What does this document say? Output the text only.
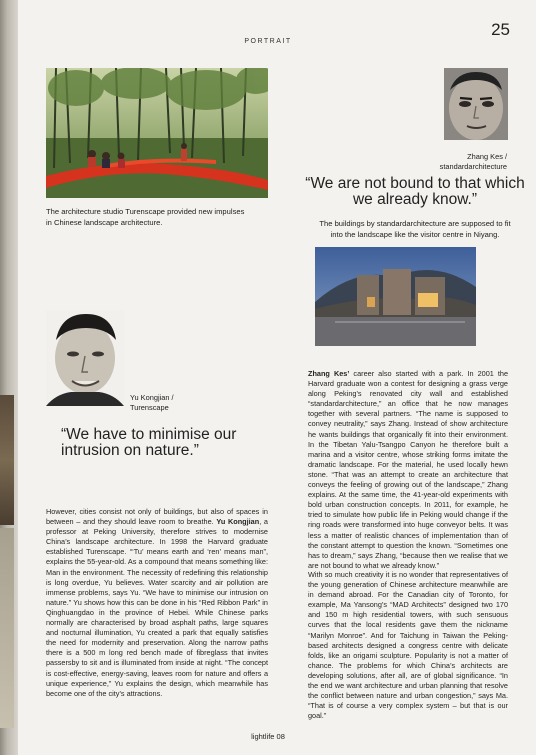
PORTRAIT
25
The architecture studio Turenscape provided new impulses in Chinese landscape architecture.
Yu Kongjian /
Turenscape
“We have to minimise our intrusion on nature.”
However, cities consist not only of buildings, but also of spaces in between – and they should leave room to breathe. Yu Kongjian, a professor at Peking University, therefore strives to modernise China’s landscape architecture. In 1998 the Harvard graduate established Turenscape. “‘Tu’ means earth and ‘ren’ means man”, explains the 55-year-old. As a compound that means something like: Man in the environment. The necessity of redefining this relationship is long overdue, Yu believes. Water scarcity and air pollution are immense problems, says Yu. “We have to minimise our intrusion on nature.” Yu shows how this can be done in his “Red Ribbon Park” in Qinghuangdao in the province of Hebei. While Chinese parks normally are characterised by broad asphalt paths, large squares and nocturnal illumination, Yu created a park that equally satisfies the need for modernity and preservation. Along the narrow paths there is a 500 m long red bench made of fibreglass that invites passersby to sit and is illuminated from inside at night. “The concept is cost-effective, energy-saving, leaves room for nature and offers a unique experience,” Yu explains the design, which meanwhile has become one of the city’s attractions.
Zhang Kes /
standardarchitecture
“We are not bound to that which we already know.”
The buildings by standardarchitecture are supposed to fit into the landscape like the visitor centre in Niyang.
Zhang Kes’ career also started with a park. In 2001 the Harvard graduate won a contest for designing a grass verge along Peking’s renovated city wall and established “standardarchitecture,” an office that he now manages together with several partners. “The name is supposed to convey neutrality,” says Zhang. Instead of show architecture he wants buildings that organically fit into their environment. In the Tibetan Yalu-Tsangpo Canyon he therefore built a marina and a visitor centre, whose striking forms imitate the dramatic landscape. For the material, he used locally hewn stone. “That was an attempt to create an architecture that conveys the feeling of growing out of the landscape,” Zhang explains. At the same time, the 41-year-old experiments with bold urban construction concepts. In 2011, for example, he tried to simulate how public life in Peking would change if the ring roads were transformed into huge conveyor belts. It was less a matter of realistic chances of implementation than of the constant attempt to question the known. “Sometimes one has to dream,” says Zhang, “because then we realise that we are not bound to what we already know.”
With so much creativity it is no wonder that representatives of the young generation of Chinese architecture meanwhile are in demand abroad. For the Canadian city of Toronto, for example, Ma Yansong’s “MAD Architects” designed two 170 and 150 m high residential towers, with such sensuous curves that the local residents gave them the nickname “Marilyn Monroe”. And for Taichung in Taiwan the Peking-based architects designed a congress centre with delicate folds, like an origami sculpture. Popularity is not a matter of chance. The problems for which China’s architects are developing solutions, after all, are of global significance. “In the end we want architecture and urban planning that resolve the conflict between nature and urban congestion,” says Ma. “That is of course a very complex system – but that is our goal.”
lightlife 08
